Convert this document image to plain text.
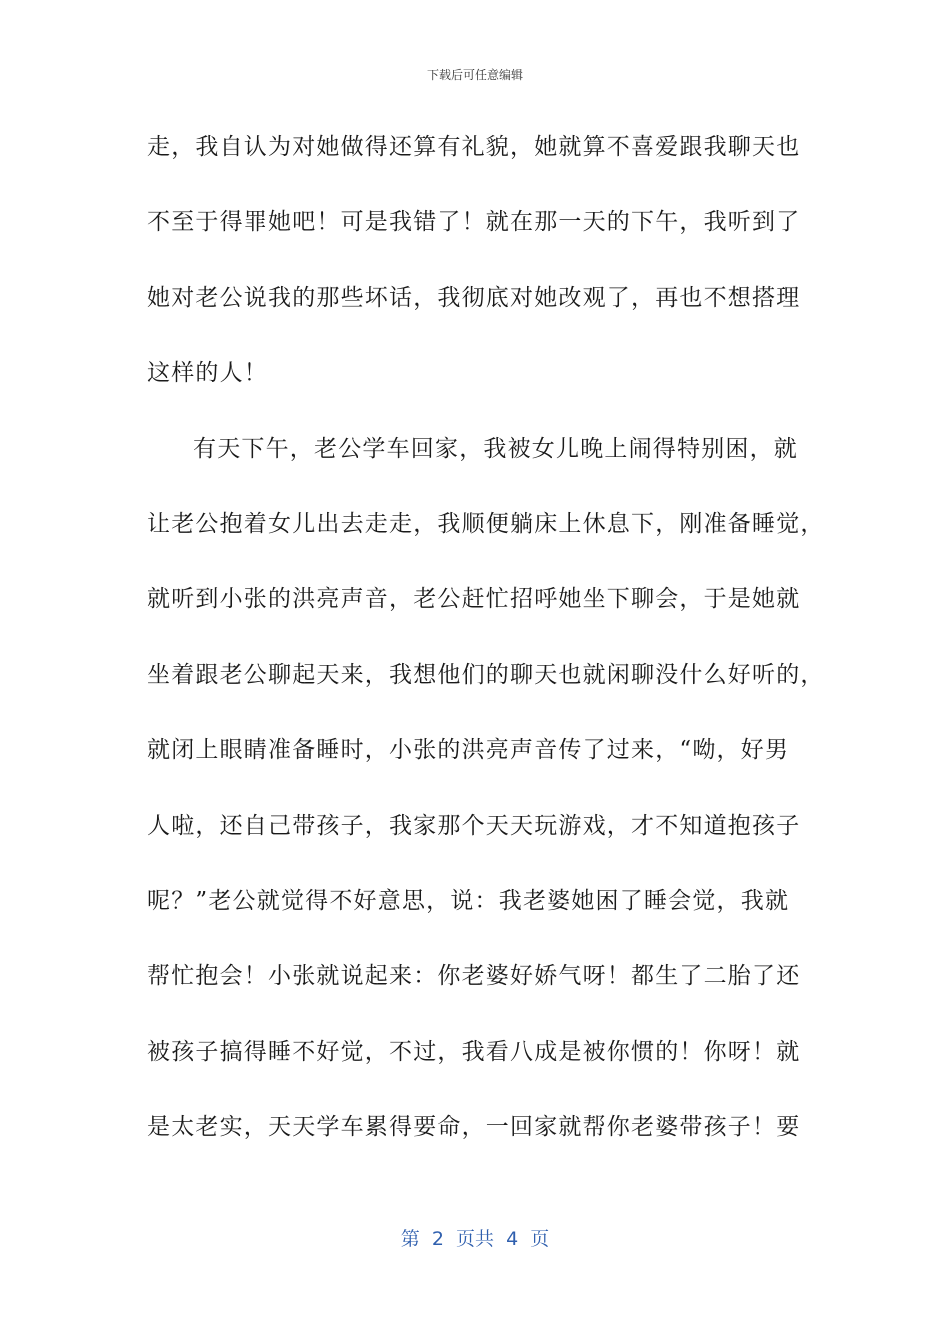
下载后可任意编辑
走，我自认为对她做得还算有礼貌，她就算不喜爱跟我聊天也
不至于得罪她吧！可是我错了！就在那一天的下午，我听到了
她对老公说我的那些坏话，我彻底对她改观了，再也不想搭理
这样的人！
有天下午，老公学车回家，我被女儿晚上闹得特别困，就
让老公抱着女儿出去走走，我顺便躺床上休息下，刚准备睡觉，
就听到小张的洪亮声音，老公赶忙招呼她坐下聊会，于是她就
坐着跟老公聊起天来，我想他们的聊天也就闲聊没什么好听的，
就闭上眼睛准备睡时，小张的洪亮声音传了过来，“呦，好男
人啦，还自己带孩子，我家那个天天玩游戏，才不知道抱孩子
呢？”老公就觉得不好意思，说：我老婆她困了睡会觉，我就
帮忙抱会！小张就说起来：你老婆好娇气呀！都生了二胎了还
被孩子搞得睡不好觉，不过，我看八成是被你惯的！你呀！就
是太老实，天天学车累得要命，一回家就帮你老婆带孩子！要
第  2  页共  4  页
